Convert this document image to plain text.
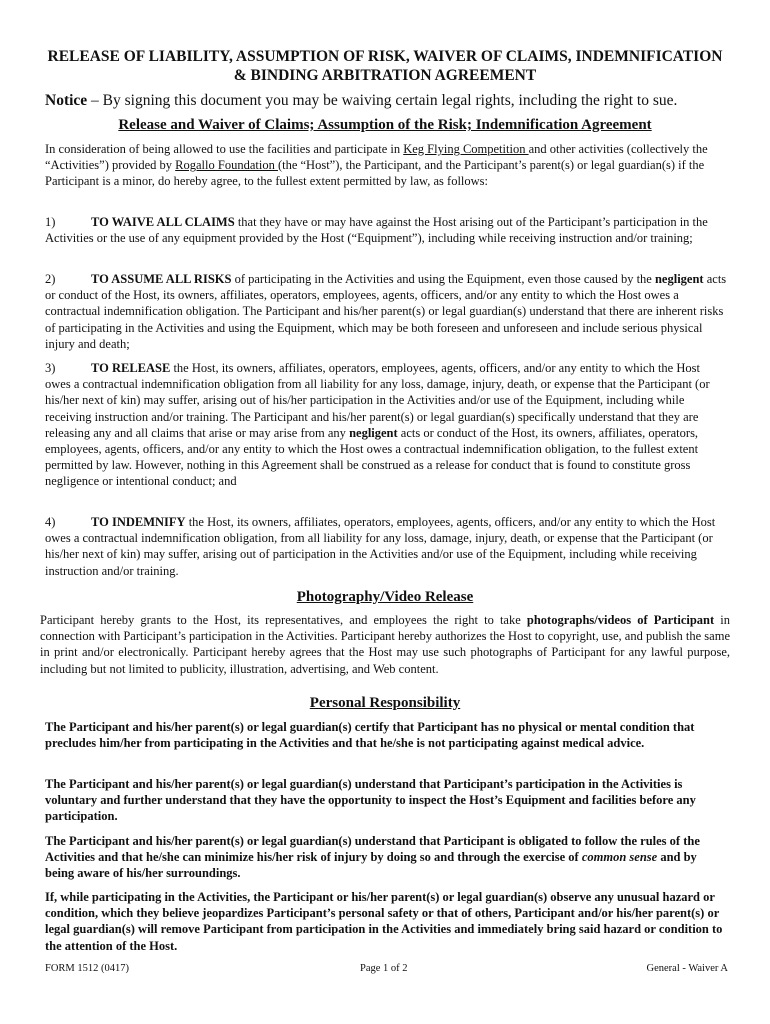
RELEASE OF LIABILITY, ASSUMPTION OF RISK, WAIVER OF CLAIMS, INDEMNIFICATION
& BINDING ARBITRATION AGREEMENT
Notice – By signing this document you may be waiving certain legal rights, including the right to sue.
Release and Waiver of Claims; Assumption of the Risk; Indemnification Agreement
In consideration of being allowed to use the facilities and participate in Keg Flying Competition and other activities (collectively the “Activities”) provided by Rogallo Foundation (the “Host”), the Participant, and the Participant’s parent(s) or legal guardian(s) if the Participant is a minor, do hereby agree, to the fullest extent permitted by law, as follows:
1)	TO WAIVE ALL CLAIMS that they have or may have against the Host arising out of the Participant’s participation in the Activities or the use of any equipment provided by the Host (“Equipment”), including while receiving instruction and/or training;
2)	TO ASSUME ALL RISKS of participating in the Activities and using the Equipment, even those caused by the negligent acts or conduct of the Host, its owners, affiliates, operators, employees, agents, officers, and/or any entity to which the Host owes a contractual indemnification obligation. The Participant and his/her parent(s) or legal guardian(s) understand that there are inherent risks of participating in the Activities and using the Equipment, which may be both foreseen and unforeseen and include serious physical injury and death;
3)	TO RELEASE the Host, its owners, affiliates, operators, employees, agents, officers, and/or any entity to which the Host owes a contractual indemnification obligation from all liability for any loss, damage, injury, death, or expense that the Participant (or his/her next of kin) may suffer, arising out of his/her participation in the Activities and/or use of the Equipment, including while receiving instruction and/or training. The Participant and his/her parent(s) or legal guardian(s) specifically understand that they are releasing any and all claims that arise or may arise from any negligent acts or conduct of the Host, its owners, affiliates, operators, employees, agents, officers, and/or any entity to which the Host owes a contractual indemnification obligation, to the fullest extent permitted by law. However, nothing in this Agreement shall be construed as a release for conduct that is found to constitute gross negligence or intentional conduct; and
4)	TO INDEMNIFY the Host, its owners, affiliates, operators, employees, agents, officers, and/or any entity to which the Host owes a contractual indemnification obligation, from all liability for any loss, damage, injury, death, or expense that the Participant (or his/her next of kin) may suffer, arising out of participation in the Activities and/or use of the Equipment, including while receiving instruction and/or training.
Photography/Video Release
Participant hereby grants to the Host, its representatives, and employees the right to take photographs/videos of Participant in connection with Participant’s participation in the Activities. Participant hereby authorizes the Host to copyright, use, and publish the same in print and/or electronically. Participant hereby agrees that the Host may use such photographs of Participant for any lawful purpose, including but not limited to publicity, illustration, advertising, and Web content.
Personal Responsibility
The Participant and his/her parent(s) or legal guardian(s) certify that Participant has no physical or mental condition that precludes him/her from participating in the Activities and that he/she is not participating against medical advice.
The Participant and his/her parent(s) or legal guardian(s) understand that Participant’s participation in the Activities is voluntary and further understand that they have the opportunity to inspect the Host’s Equipment and facilities before any participation.
The Participant and his/her parent(s) or legal guardian(s) understand that Participant is obligated to follow the rules of the Activities and that he/she can minimize his/her risk of injury by doing so and through the exercise of common sense and by being aware of his/her surroundings.
If, while participating in the Activities, the Participant or his/her parent(s) or legal guardian(s) observe any unusual hazard or condition, which they believe jeopardizes Participant’s personal safety or that of others, Participant and/or his/her parent(s) or legal guardian(s) will remove Participant from participation in the Activities and immediately bring said hazard or condition to the attention of the Host.
FORM 1512 (0417)	Page 1 of 2	General - Waiver A
